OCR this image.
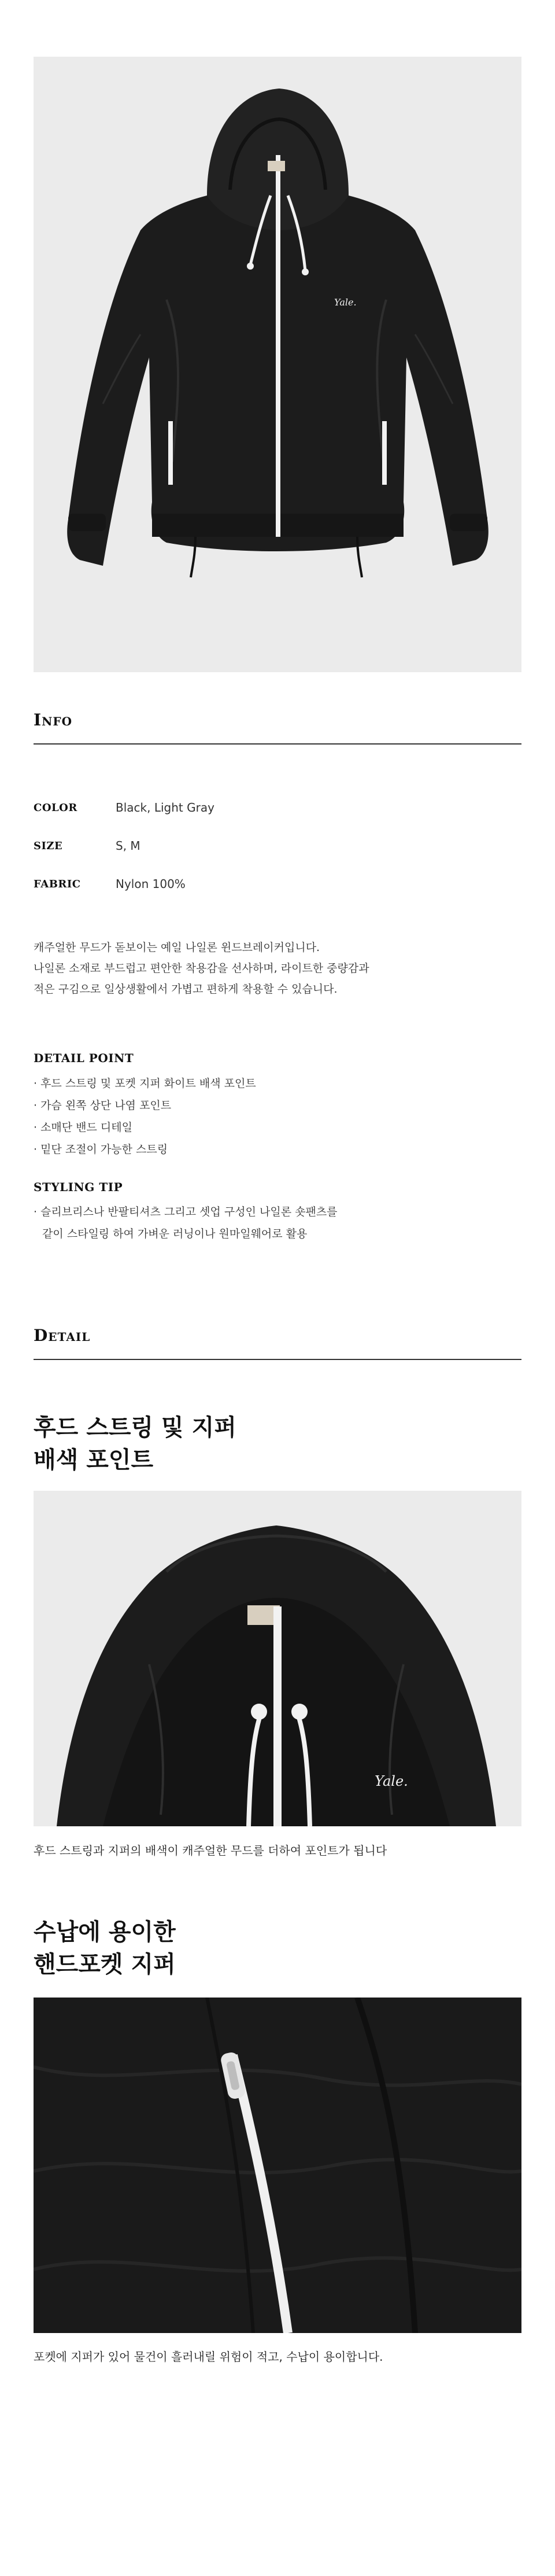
Yale.
Info
COLOR	Black, Light Gray
SIZE	S, M
FABRIC	Nylon 100%
캐주얼한 무드가 돋보이는 예일 나일론 윈드브레이커입니다.
나일론 소재로 부드럽고 편안한 착용감을 선사하며, 라이트한 중량감과
적은 구김으로 일상생활에서 가볍고 편하게 착용할 수 있습니다.
DETAIL POINT
· 후드 스트링 및 포켓 지퍼 화이트 배색 포인트
· 가슴 왼쪽 상단 나염 포인트
· 소매단 밴드 디테일
· 밑단 조절이 가능한 스트링
STYLING TIP
· 슬리브리스나 반팔티셔츠 그리고 셋업 구성인 나일론 숏팬츠를
같이 스타일링 하여 가벼운 러닝이나 원마일웨어로 활용
Detail
후드 스트링 및 지퍼
배색 포인트
Yale.
후드 스트링과 지퍼의 배색이 캐주얼한 무드를 더하여 포인트가 됩니다
수납에 용이한
핸드포켓 지퍼
포켓에 지퍼가 있어 물건이 흘러내릴 위험이 적고, 수납이 용이합니다.
